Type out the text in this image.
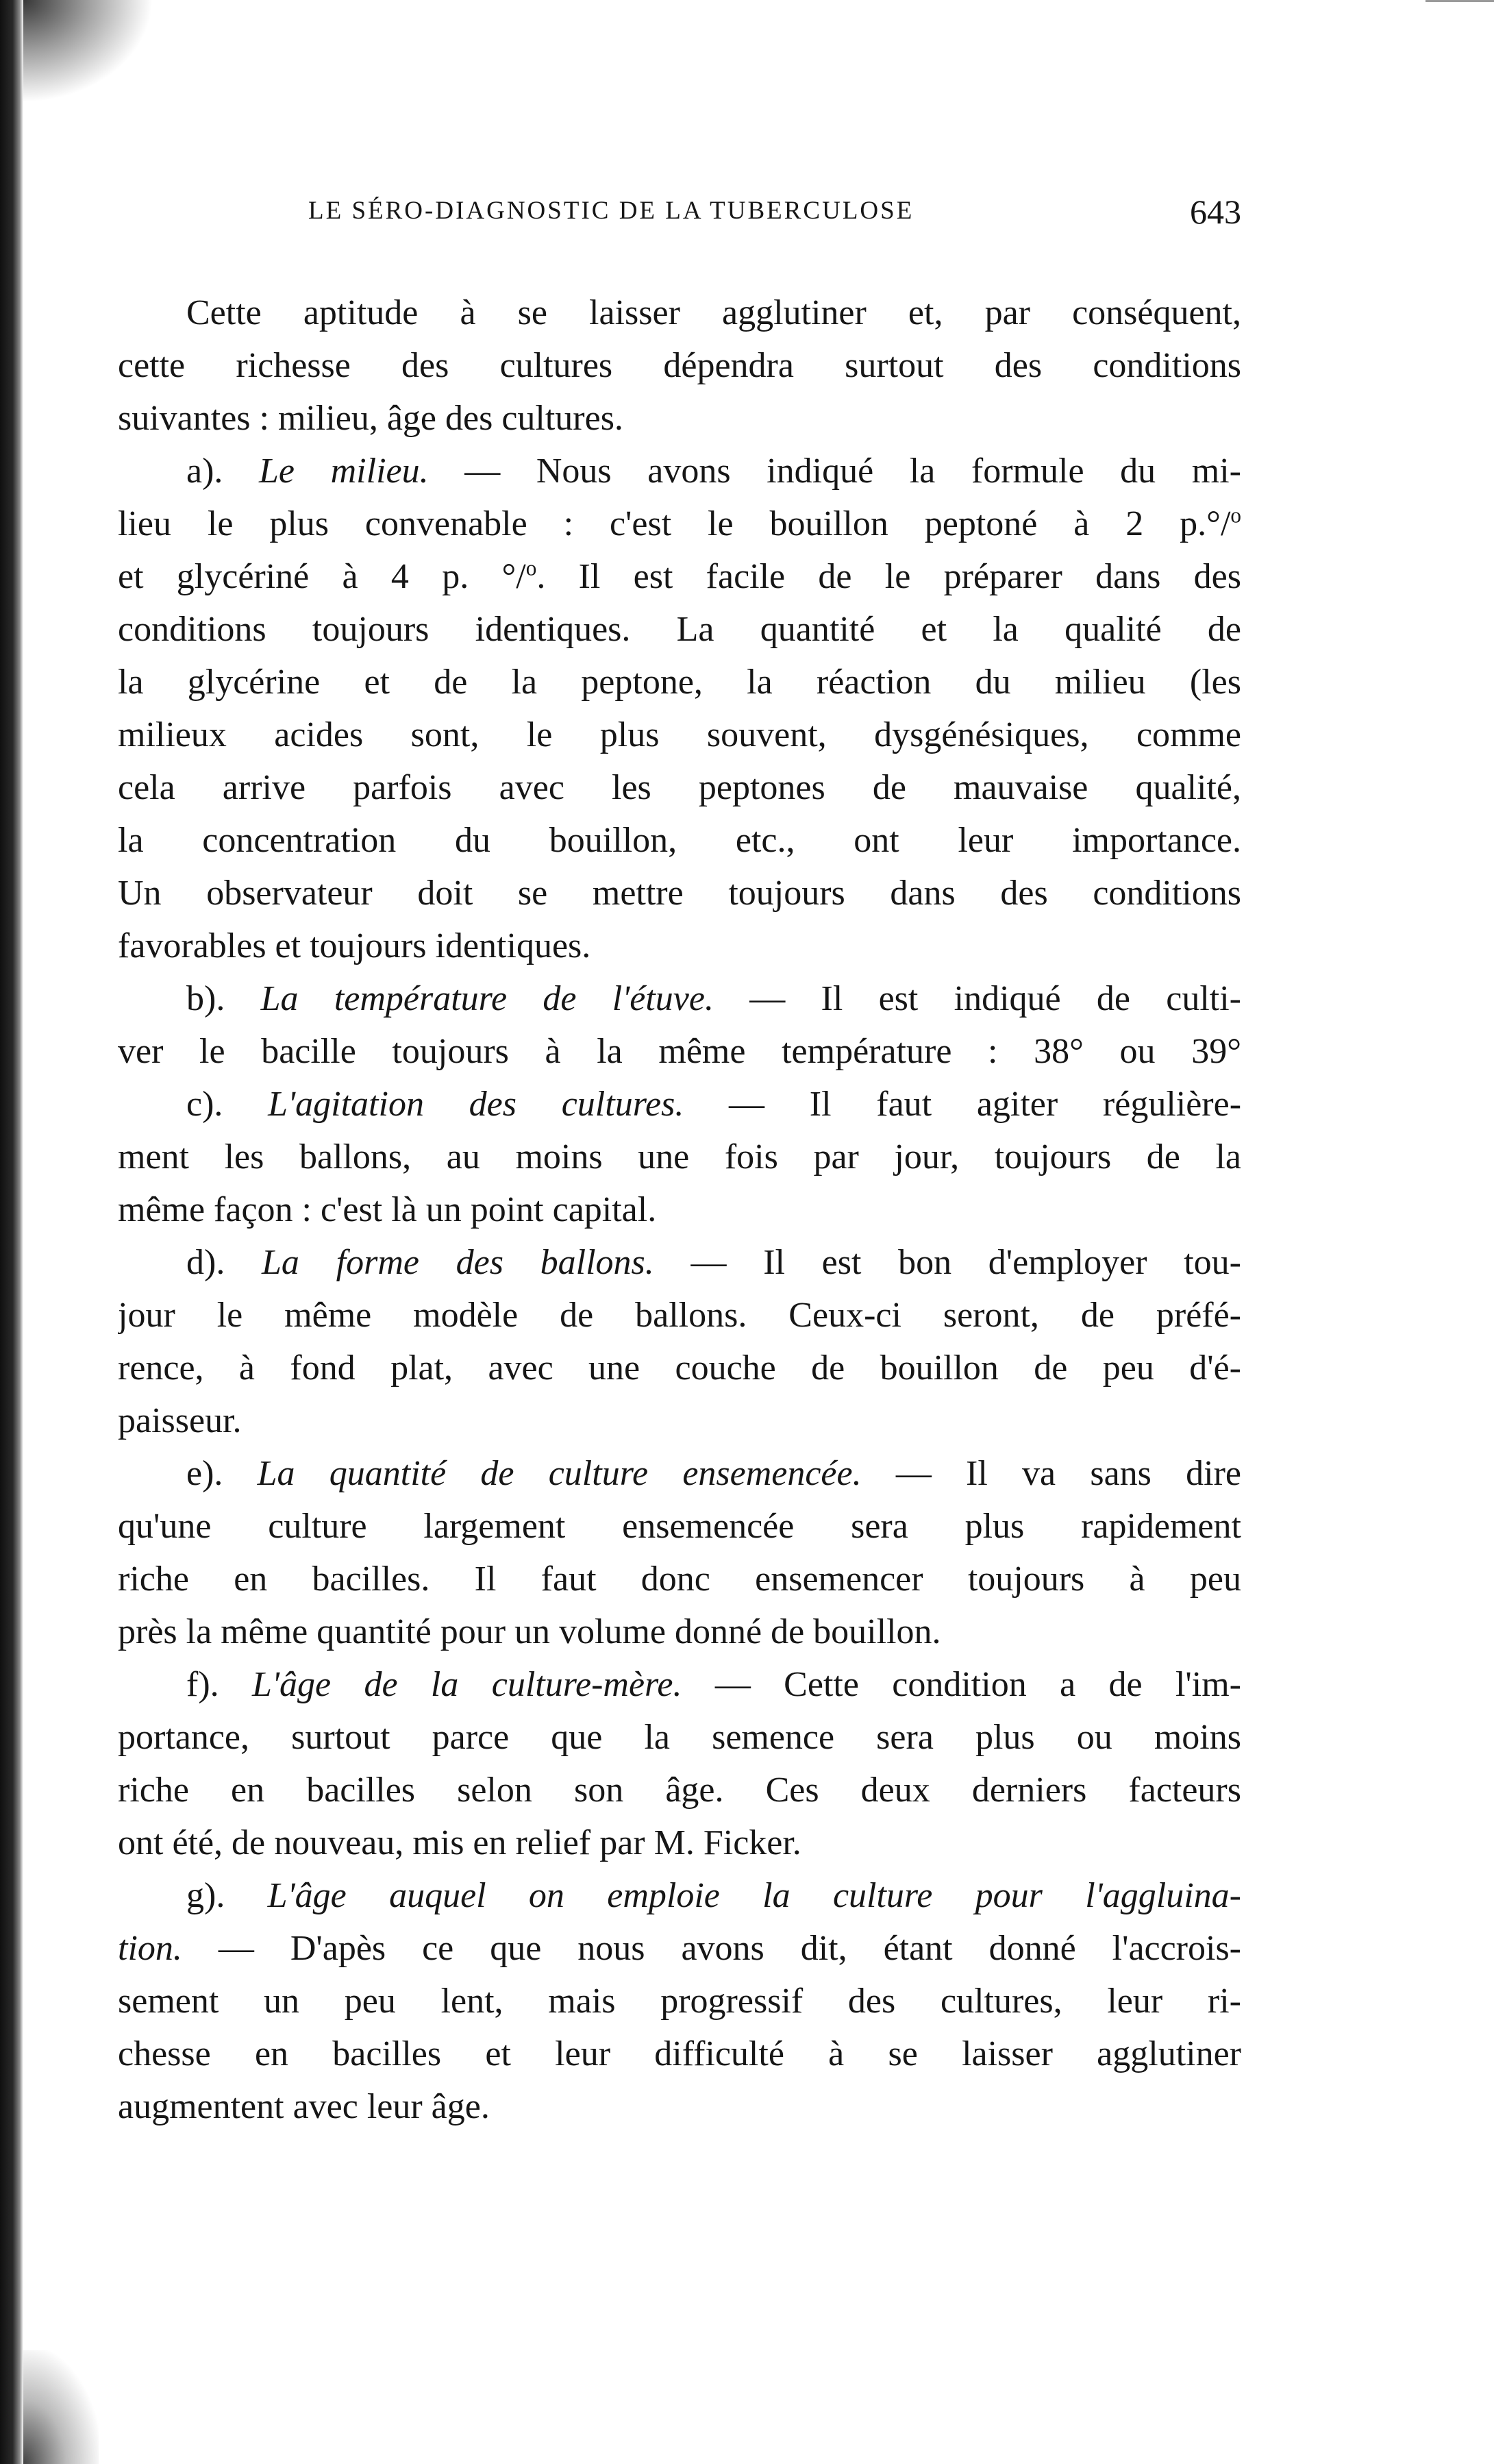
LE SÉRO-DIAGNOSTIC DE LA TUBERCULOSE	643
Cette aptitude à se laisser agglutiner et, par conséquent,
cette richesse des cultures dépendra surtout des conditions
suivantes : milieu, âge des cultures.
a). Le milieu. — Nous avons indiqué la formule du mi-
lieu le plus convenable : c'est le bouillon peptoné à 2 p.°/$^o$
et glycériné à 4 p. °/$^o$. Il est facile de le préparer dans des
conditions toujours identiques. La quantité et la qualité de
la glycérine et de la peptone, la réaction du milieu (les
milieux acides sont, le plus souvent, dysgénésiques, comme
cela arrive parfois avec les peptones de mauvaise qualité,
la concentration du bouillon, etc., ont leur importance.
Un observateur doit se mettre toujours dans des conditions
favorables et toujours identiques.
b). La température de l'étuve. — Il est indiqué de culti-
ver le bacille toujours à la même température : 38° ou 39°
c). L'agitation des cultures. — Il faut agiter régulière-
ment les ballons, au moins une fois par jour, toujours de la
même façon : c'est là un point capital.
d). La forme des ballons. — Il est bon d'employer tou-
jour le même modèle de ballons. Ceux-ci seront, de préfé-
rence, à fond plat, avec une couche de bouillon de peu d'é-
paisseur.
e). La quantité de culture ensemencée. — Il va sans dire
qu'une culture largement ensemencée sera plus rapidement
riche en bacilles. Il faut donc ensemencer toujours à peu
près la même quantité pour un volume donné de bouillon.
f). L'âge de la culture-mère. — Cette condition a de l'im-
portance, surtout parce que la semence sera plus ou moins
riche en bacilles selon son âge. Ces deux derniers facteurs
ont été, de nouveau, mis en relief par M. Ficker.
g). L'âge auquel on emploie la culture pour l'aggluina-
tion. — D'apès ce que nous avons dit, étant donné l'accrois-
sement un peu lent, mais progressif des cultures, leur ri-
chesse en bacilles et leur difficulté à se laisser agglutiner
augmentent avec leur âge.
